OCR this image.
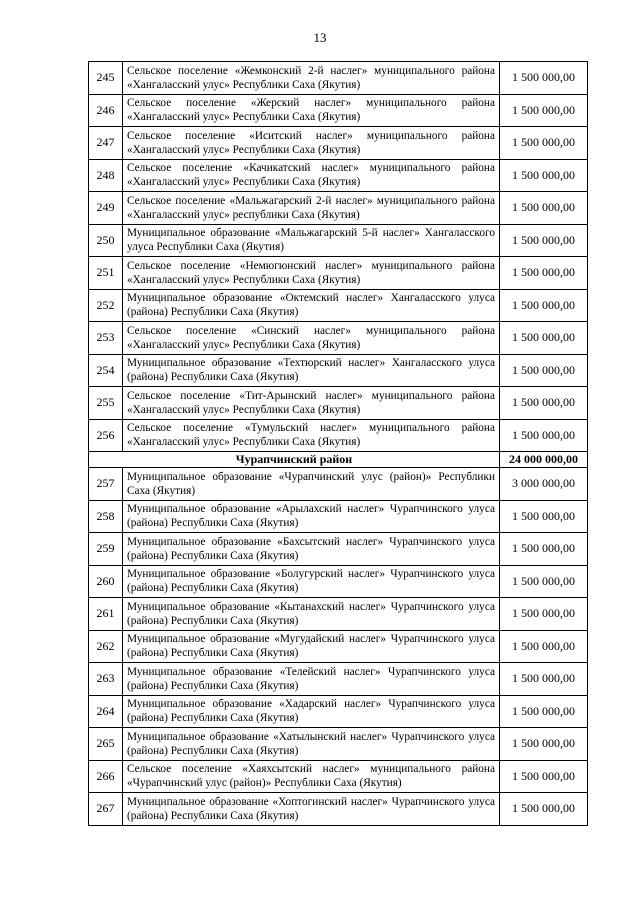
13
245	Сельское поселение «Жемконский 2-й наслег» муниципального района «Хангаласский улус» Республики Саха (Якутия)	1 500 000,00
246	Сельское поселение «Жерский наслег» муниципального района «Хангаласский улус» Республики Саха (Якутия)	1 500 000,00
247	Сельское поселение «Иситский наслег» муниципального района «Хангаласский улус» Республики Саха (Якутия)	1 500 000,00
248	Сельское поселение «Качикатский наслег» муниципального района «Хангаласский улус» Республики Саха (Якутия)	1 500 000,00
249	Сельское поселение «Мальжагарский 2-й наслег» муниципального района «Хангаласский улус» республики Саха (Якутия)	1 500 000,00
250	Муниципальное образование «Мальжагарский 5-й наслег» Хангаласского улуса Республики Саха (Якутия)	1 500 000,00
251	Сельское поселение «Немюгюнский наслег» муниципального района «Хангаласский улус» Республики Саха (Якутия)	1 500 000,00
252	Муниципальное образование «Октемский наслег» Хангаласского улуса (района) Республики Саха (Якутия)	1 500 000,00
253	Сельское поселение «Синский наслег» муниципального района «Хангаласский улус» Республики Саха (Якутия)	1 500 000,00
254	Муниципальное образование «Техтюрский наслег» Хангаласского улуса (района) Республики Саха (Якутия)	1 500 000,00
255	Сельское поселение «Тит-Арынский наслег» муниципального района «Хангаласский улус» Республики Саха (Якутия)	1 500 000,00
256	Сельское поселение «Тумульский наслег» муниципального района «Хангаласский улус» Республики Саха (Якутия)	1 500 000,00
Чурапчинский район		24 000 000,00
257	Муниципальное образование «Чурапчинский улус (район)» Республики Саха (Якутия)	3 000 000,00
258	Муниципальное образование «Арылахский наслег» Чурапчинского улуса (района) Республики Саха (Якутия)	1 500 000,00
259	Муниципальное образование «Бахсытский наслег» Чурапчинского улуса (района) Республики Саха (Якутия)	1 500 000,00
260	Муниципальное образование «Болугурский наслег» Чурапчинского улуса (района) Республики Саха (Якутия)	1 500 000,00
261	Муниципальное образование «Кытанахский наслег» Чурапчинского улуса (района) Республики Саха (Якутия)	1 500 000,00
262	Муниципальное образование «Мугудайский наслег» Чурапчинского улуса (района) Республики Саха (Якутия)	1 500 000,00
263	Муниципальное образование «Телейский наслег» Чурапчинского улуса (района) Республики Саха (Якутия)	1 500 000,00
264	Муниципальное образование «Хадарский наслег» Чурапчинского улуса (района) Республики Саха (Якутия)	1 500 000,00
265	Муниципальное образование «Хатылынский наслег» Чурапчинского улуса (района) Республики Саха (Якутия)	1 500 000,00
266	Сельское поселение «Хаяхсытский наслег» муниципального района «Чурапчинский улус (район)» Республики Саха (Якутия)	1 500 000,00
267	Муниципальное образование «Хоптогинский наслег» Чурапчинского улуса (района) Республики Саха (Якутия)	1 500 000,00
